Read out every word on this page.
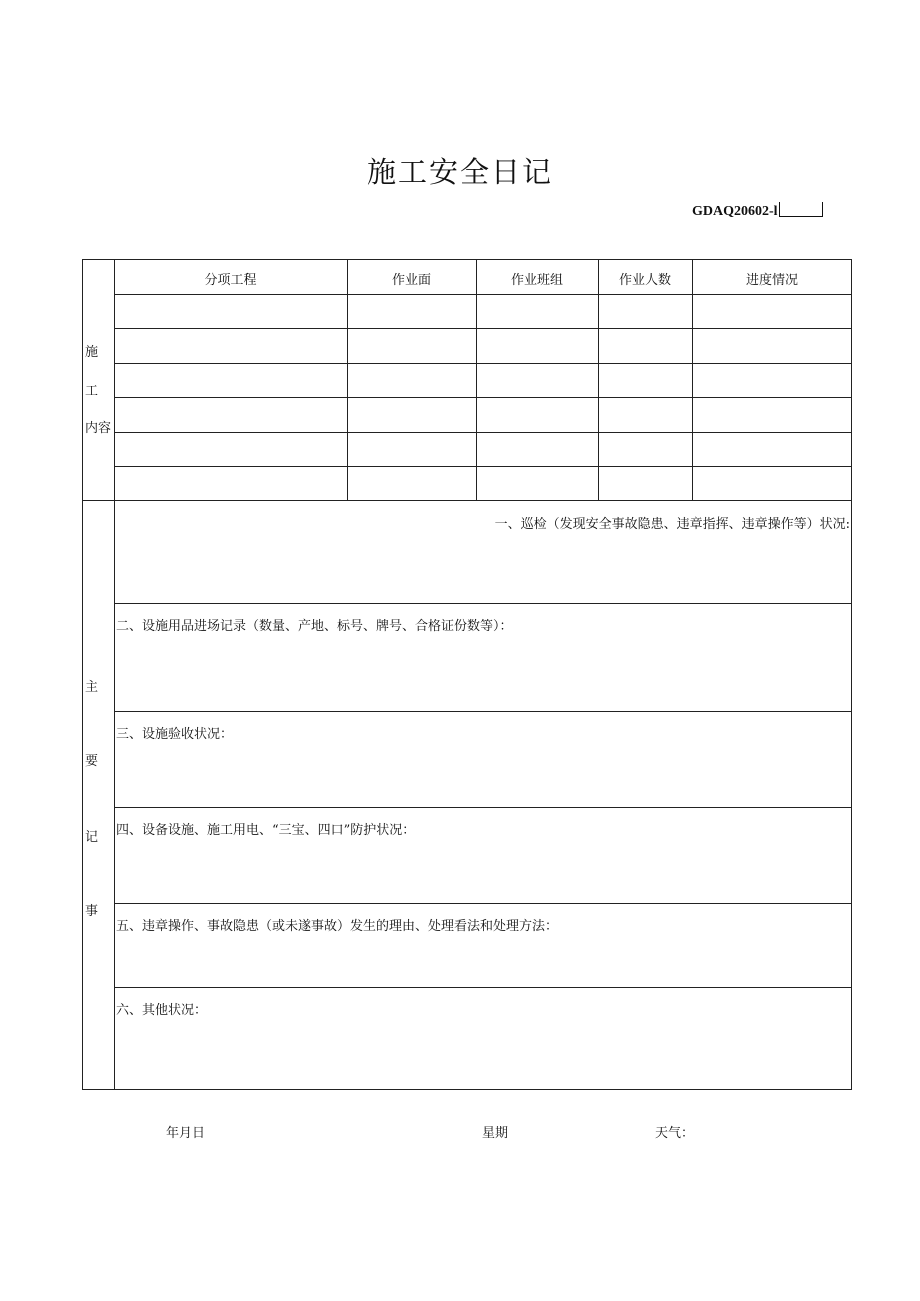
施工安全日记
GDAQ20602-l
施
工
内容
分项工程	作业面	作业班组	作业人数	进度情况
主
要
记
事
一、巡检（发现安全事故隐患、违章指挥、违章操作等）状况:
二、设施用品进场记录（数量、产地、标号、牌号、合格证份数等）：
三、设施验收状况：
四、设备设施、施工用电、“三宝、四口”防护状况：
五、违章操作、事故隐患（或未遂事故）发生的理由、处理看法和处理方法：
六、其他状况：
年月日	星期	天气：
